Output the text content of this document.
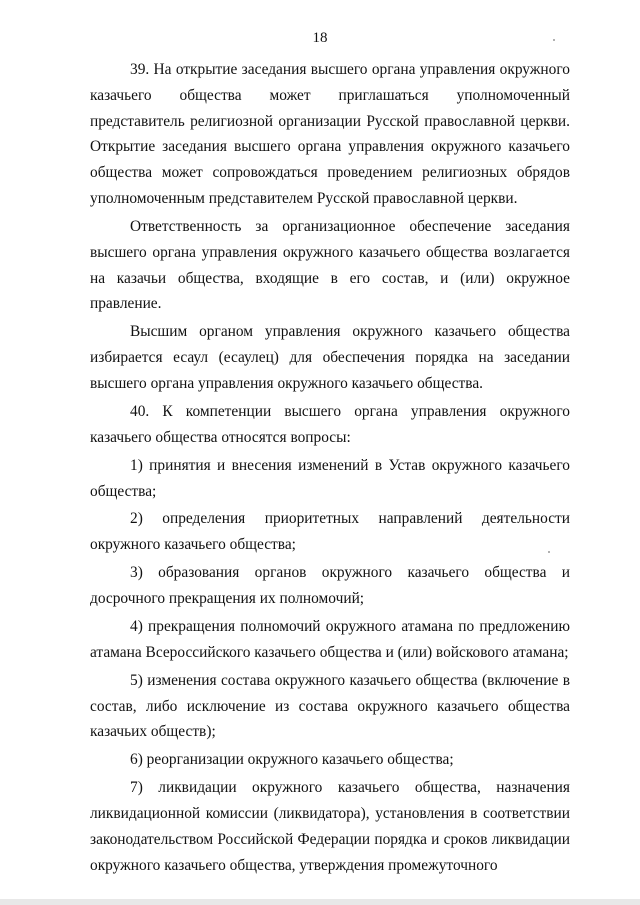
18

39. На открытие заседания высшего органа управления окружного казачьего общества может приглашаться уполномоченный представитель религиозной организации Русской православной церкви. Открытие заседания высшего органа управления окружного казачьего общества может сопровождаться проведением религиозных обрядов уполномоченным представителем Русской православной церкви.

Ответственность за организационное обеспечение заседания высшего органа управления окружного казачьего общества возлагается на казачьи общества, входящие в его состав, и (или) окружное правление.

Высшим органом управления окружного казачьего общества избирается есаул (есаулец) для обеспечения порядка на заседании высшего органа управления окружного казачьего общества.

40. К компетенции высшего органа управления окружного казачьего общества относятся вопросы:

1) принятия и внесения изменений в Устав окружного казачьего общества;

2) определения приоритетных направлений деятельности окружного казачьего общества;

3) образования органов окружного казачьего общества и досрочного прекращения их полномочий;

4) прекращения полномочий окружного атамана по предложению атамана Всероссийского казачьего общества и (или) войскового атамана;

5) изменения состава окружного казачьего общества (включение в состав, либо исключение из состава окружного казачьего общества казачьих обществ);

6) реорганизации окружного казачьего общества;

7) ликвидации окружного казачьего общества, назначения ликвидационной комиссии (ликвидатора), установления в соответствии законодательством Российской Федерации порядка и сроков ликвидации окружного казачьего общества, утверждения промежуточного
